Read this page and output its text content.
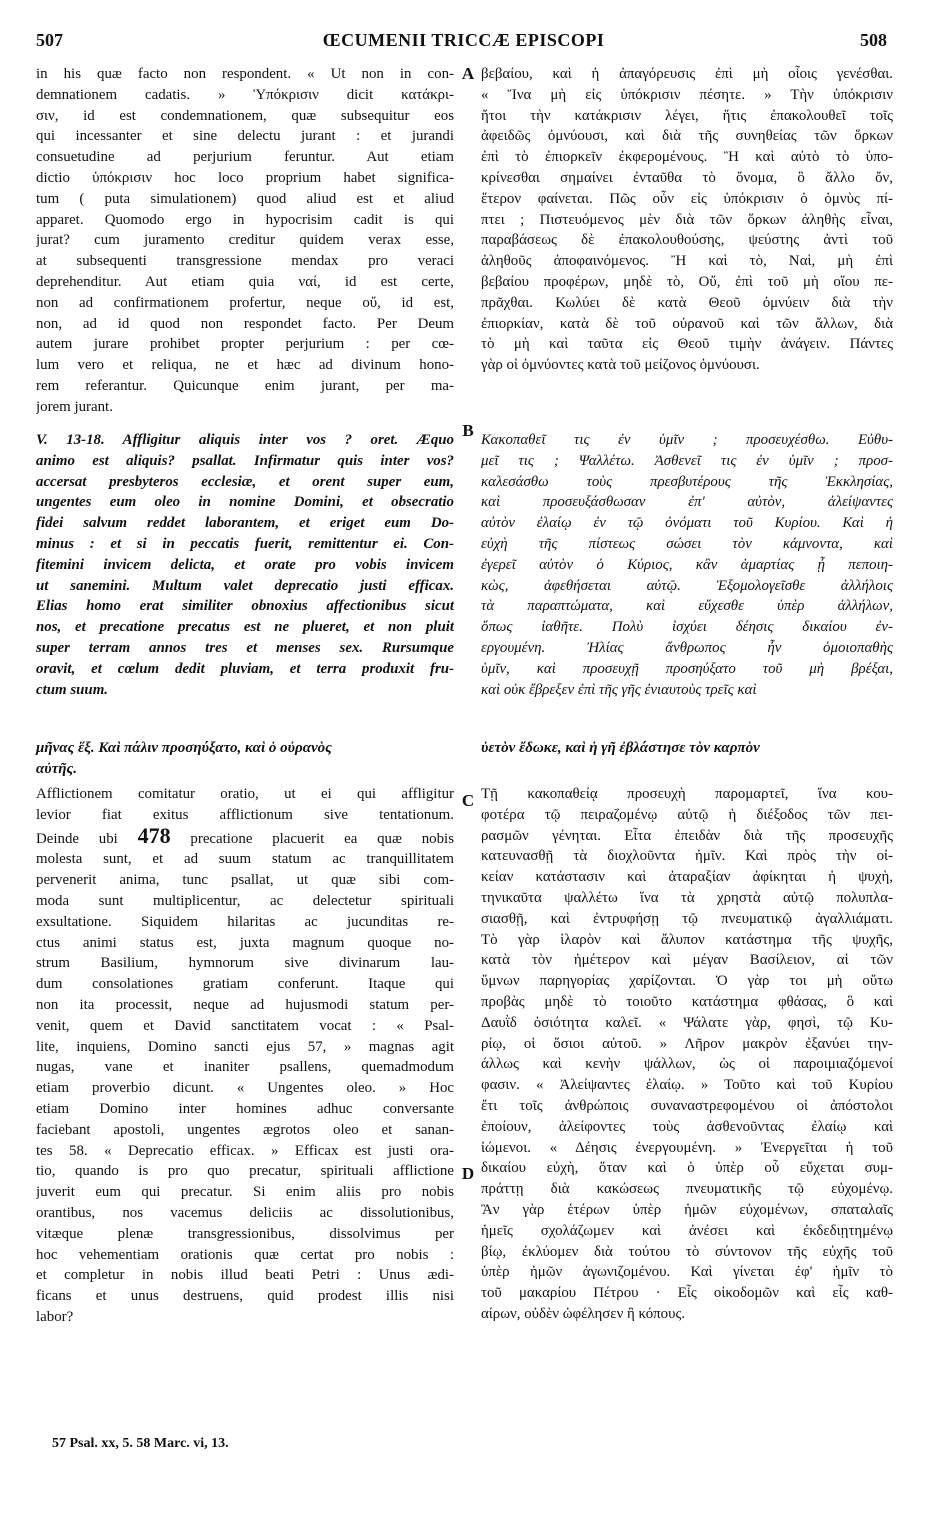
507	ŒCUMENII TRICCÆ EPISCOPI	508
A
B
C
D
in his quæ facto non respondent. « Ut non in con-
demnationem cadatis. » Ὑπόκρισιν dicit κατάκρι-
σιν, id est condemnationem, quæ subsequitur eos
qui incessanter et sine delectu jurant : et jurandi
consuetudine ad perjurium feruntur. Aut etiam
dictio ὑπόκρισιν hoc loco proprium habet significa-
tum ( puta simulationem) quod aliud est et aliud
apparet. Quomodo ergo in hypocrisim cadit is qui
jurat? cum juramento creditur quidem verax esse,
at subsequenti transgressione mendax pro veraci
deprehenditur. Aut etiam quia ναί, id est certe,
non ad confirmationem profertur, neque οὔ, id est,
non, ad id quod non respondet facto. Per Deum
autem jurare prohibet propter perjurium : per cœ-
lum vero et reliqua, ne et hæc ad divinum hono-
rem referantur. Quicunque enim jurant, per ma-
jorem jurant.
V. 13-18. Affligitur aliquis inter vos ? oret. Æquo
animo est aliquis? psallat. Infirmatur quis inter vos?
accersat presbyteros ecclesiæ, et orent super eum,
ungentes eum oleo in nomine Domini, et obsecratio
fidei salvum reddet laborantem, et eriget eum Do-
minus : et si in peccatis fuerit, remittentur ei. Con-
fitemini invicem delicta, et orate pro vobis invicem
ut sanemini. Multum valet deprecatio justi efficax.
Elias homo erat similiter obnoxius affectionibus sicut
nos, et precatione precatus est ne plueret, et non pluit
super terram annos tres et menses sex. Rursumque
oravit, et cœlum dedit pluviam, et terra produxit fru-
ctum suum.
Afflictionem comitatur oratio, ut ei qui affligitur
levior fiat exitus afflictionum sive tentationum.
Deinde ubi 478 precatione placuerit ea quæ nobis
molesta sunt, et ad suum statum ac tranquillitatem
pervenerit anima, tunc psallat, ut quæ sibi com-
moda sunt multiplicentur, ac delectetur spirituali
exsultatione. Siquidem hilaritas ac jucunditas re-
ctus animi status est, juxta magnum quoque no-
strum Basilium, hymnorum sive divinarum lau-
dum consolationes gratiam conferunt. Itaque qui
non ita processit, neque ad hujusmodi statum per-
venit, quem et David sanctitatem vocat : « Psal-
lite, inquiens, Domino sancti ejus 57, » magnas agit
nugas, vane et inaniter psallens, quemadmodum
etiam proverbio dicunt. « Ungentes oleo. » Hoc
etiam Domino inter homines adhuc conversante
faciebant apostoli, ungentes ægrotos oleo et sanan-
tes 58. « Deprecatio efficax. » Efficax est justi ora-
tio, quando is pro quo precatur, spirituali afflictione
juverit eum qui precatur. Si enim aliis pro nobis
orantibus, nos vacemus deliciis ac dissolutionibus,
vitæque plenæ transgressionibus, dissolvimus per
hoc vehementiam orationis quæ certat pro nobis :
et completur in nobis illud beati Petri : Unus ædi-
ficans et unus destruens, quid prodest illis nisi
labor?
βεβαίου, καὶ ἡ ἀπαγόρευσις ἐπὶ μὴ οἷοις γενέσθαι.
« Ἵνα μὴ εἰς ὑπόκρισιν πέσητε. » Τὴν ὑπόκρισιν
ἤτοι τὴν κατάκρισιν λέγει, ἥτις ἐπακολουθεῖ τοῖς
ἀφειδῶς ὀμνύουσι, καὶ διὰ τῆς συνηθείας τῶν ὅρκων
ἐπὶ τὸ ἐπιορκεῖν ἐκφερομένους. Ἢ καὶ αὐτὸ τὸ ὑπο-
κρίνεσθαι σημαίνει ἐνταῦθα τὸ ὄνομα, ὃ ἄλλο ὄν,
ἕτερον φαίνεται. Πῶς οὖν εἰς ὑπόκρισιν ὁ ὀμνὺς πί-
πτει ; Πιστευόμενος μὲν διὰ τῶν ὅρκων ἀληθὴς εἶναι,
παραβάσεως δὲ ἐπακολουθούσης, ψεύστης ἀντὶ τοῦ
ἀληθοῦς ἀποφαινόμενος. Ἢ καὶ τὸ, Ναὶ, μὴ ἐπὶ
βεβαίου προφέρων, μηδὲ τὸ, Οὔ, ἐπὶ τοῦ μὴ οἵου πε-
πρᾶχθαι. Κωλύει δὲ κατὰ Θεοῦ ὀμνύειν διὰ τὴν
ἐπιορκίαν, κατὰ δὲ τοῦ οὐρανοῦ καὶ τῶν ἄλλων, διὰ
τὸ μὴ καὶ ταῦτα εἰς Θεοῦ τιμὴν ἀνάγειν. Πάντες
γὰρ οἱ ὀμνύοντες κατὰ τοῦ μείζονος ὀμνύουσι.
Κακοπαθεῖ τις ἐν ὑμῖν ; προσευχέσθω. Εὐθυ-
μεῖ τις ; Ψαλλέτω. Ἀσθενεῖ τις ἐν ὑμῖν ; προσ-
καλεσάσθω τοὺς πρεσβυτέρους τῆς Ἐκκλησίας,
καὶ προσευξάσθωσαν ἐπ' αὐτὸν, ἀλείψαντες
αὐτὸν ἐλαίῳ ἐν τῷ ὀνόματι τοῦ Κυρίου. Καὶ ἡ
εὐχὴ τῆς πίστεως σώσει τὸν κάμνοντα, καὶ
ἐγερεῖ αὐτὸν ὁ Κύριος, κἂν ἁμαρτίας ᾖ πεποιη-
κὼς, ἀφεθήσεται αὐτῷ. Ἐξομολογεῖσθε ἀλλήλοις
τὰ παραπτώματα, καὶ εὔχεσθε ὑπὲρ ἀλλήλων,
ὅπως ἰαθῆτε. Πολὺ ἰσχύει δέησις δικαίου ἐν-
εργουμένη. Ἠλίας ἄνθρωπος ἦν ὁμοιοπαθὴς
ὑμῖν, καὶ προσευχῇ προσηύξατο τοῦ μὴ βρέξαι,
καὶ οὐκ ἔβρεξεν ἐπὶ τῆς γῆς ἐνιαυτοὺς τρεῖς καὶ
Τῇ κακοπαθείᾳ προσευχὴ παρομαρτεῖ, ἵνα κου-
φοτέρα τῷ πειραζομένῳ αὐτῷ ἡ διέξοδος τῶν πει-
ρασμῶν γένηται. Εἶτα ἐπειδὰν διὰ τῆς προσευχῆς
κατευνασθῇ τὰ διοχλοῦντα ἡμῖν. Καὶ πρὸς τὴν οἰ-
κείαν κατάστασιν καὶ ἀταραξίαν ἀφίκηται ἡ ψυχὴ,
τηνικαῦτα ψαλλέτω ἵνα τὰ χρηστὰ αὐτῷ πολυπλα-
σιασθῇ, καὶ ἐντρυφήσῃ τῷ πνευματικῷ ἀγαλλιάματι.
Τὸ γὰρ ἱλαρὸν καὶ ἄλυπον κατάστημα τῆς ψυχῆς,
κατὰ τὸν ἡμέτερον καὶ μέγαν Βασίλειον, αἱ τῶν
ὕμνων παρηγορίας χαρίζονται. Ὁ γὰρ τοι μὴ οὕτω
προβὰς μηδὲ τὸ τοιοῦτο κατάστημα φθάσας, ὃ καὶ
Δαυῒδ ὁσιότητα καλεῖ. « Ψάλατε γὰρ, φησὶ, τῷ Κυ-
ρίῳ, οἱ ὅσιοι αὐτοῦ. » Λῆρον μακρὸν ἐξανύει την-
άλλως καὶ κενὴν ψάλλων, ὡς οἱ παροιμιαζόμενοί
φασιν. « Ἀλείψαντες ἐλαίῳ. » Τοῦτο καὶ τοῦ Κυρίου
ἔτι τοῖς ἀνθρώποις συναναστρεφομένου οἱ ἀπόστολοι
ἐποίουν, ἀλείφοντες τοὺς ἀσθενοῦντας ἐλαίῳ καὶ
ἰώμενοι. « Δέησις ἐνεργουμένη. » Ἐνεργεῖται ἡ τοῦ
δικαίου εὐχὴ, ὅταν καὶ ὁ ὑπὲρ οὗ εὔχεται συμ-
πράττῃ διὰ κακώσεως πνευματικῆς τῷ εὐχομένῳ.
Ἂν γὰρ ἑτέρων ὑπὲρ ἡμῶν εὐχομένων, σπαταλαῖς
ἡμεῖς σχολάζωμεν καὶ ἀνέσει καὶ ἐκδεδιῃτημένῳ
βίῳ, ἐκλύομεν διὰ τούτου τὸ σύντονον τῆς εὐχῆς τοῦ
ὑπὲρ ἡμῶν ἀγωνιζομένου. Καὶ γίνεται ἐφ' ἡμῖν τὸ
τοῦ μακαρίου Πέτρου · Εἷς οἰκοδομῶν καὶ εἷς καθ-
αίρων, οὐδὲν ὠφέλησεν ἢ κόπους.
μῆνας ἕξ. Καὶ πάλιν προσηύξατο, καὶ ὁ οὐρανὸς	ὑετὸν ἔδωκε, καὶ ἡ γῆ ἐβλάστησε τὸν καρπὸν
αὐτῆς.
57 Psal. xx, 5. 58 Marc. vi, 13.
